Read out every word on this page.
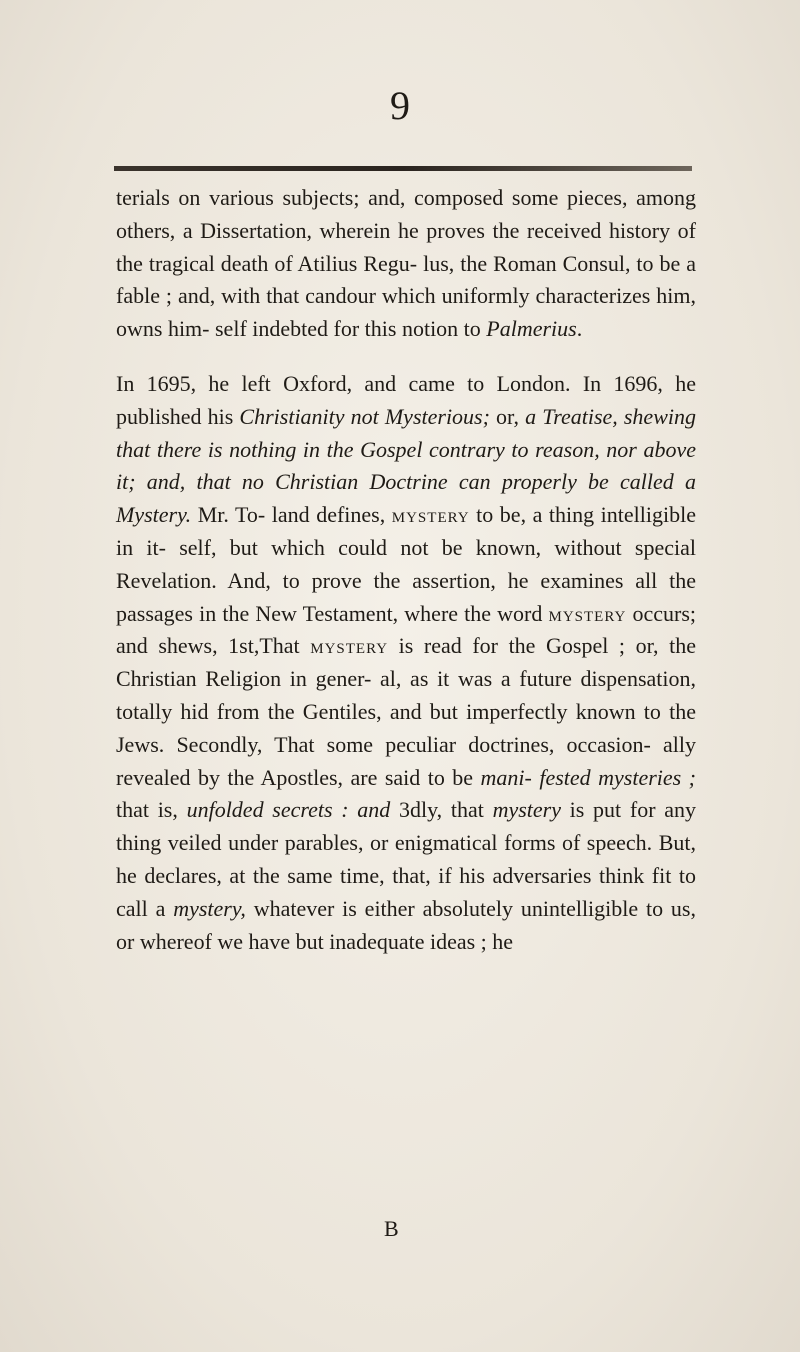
9

terials on various subjects; and, composed some pieces, among others, a Dissertation, wherein he proves the received history of the tragical death of Atilius Regu- lus, the Roman Consul, to be a fable ; and, with that candour which uniformly characterizes him, owns him- self indebted for this notion to Palmerius.

In 1695, he left Oxford, and came to London. In 1696, he published his Christianity not Mysterious; or, a Treatise, shewing that there is nothing in the Gospel contrary to reason, nor above it; and, that no Christian Doctrine can properly be called a Mystery. Mr. To- land defines, mystery to be, a thing intelligible in it- self, but which could not be known, without special Revelation. And, to prove the assertion, he examines all the passages in the New Testament, where the word mystery occurs; and shews, 1st,That mystery is read for the Gospel ; or, the Christian Religion in gener- al, as it was a future dispensation, totally hid from the Gentiles, and but imperfectly known to the Jews. Secondly, That some peculiar doctrines, occasion- ally revealed by the Apostles, are said to be mani- fested mysteries ; that is, unfolded secrets : and 3dly, that mystery is put for any thing veiled under parables, or enigmatical forms of speech. But, he declares, at the same time, that, if his adversaries think fit to call a mystery, whatever is either absolutely unintelligible to us, or whereof we have but inadequate ideas ; he

B
